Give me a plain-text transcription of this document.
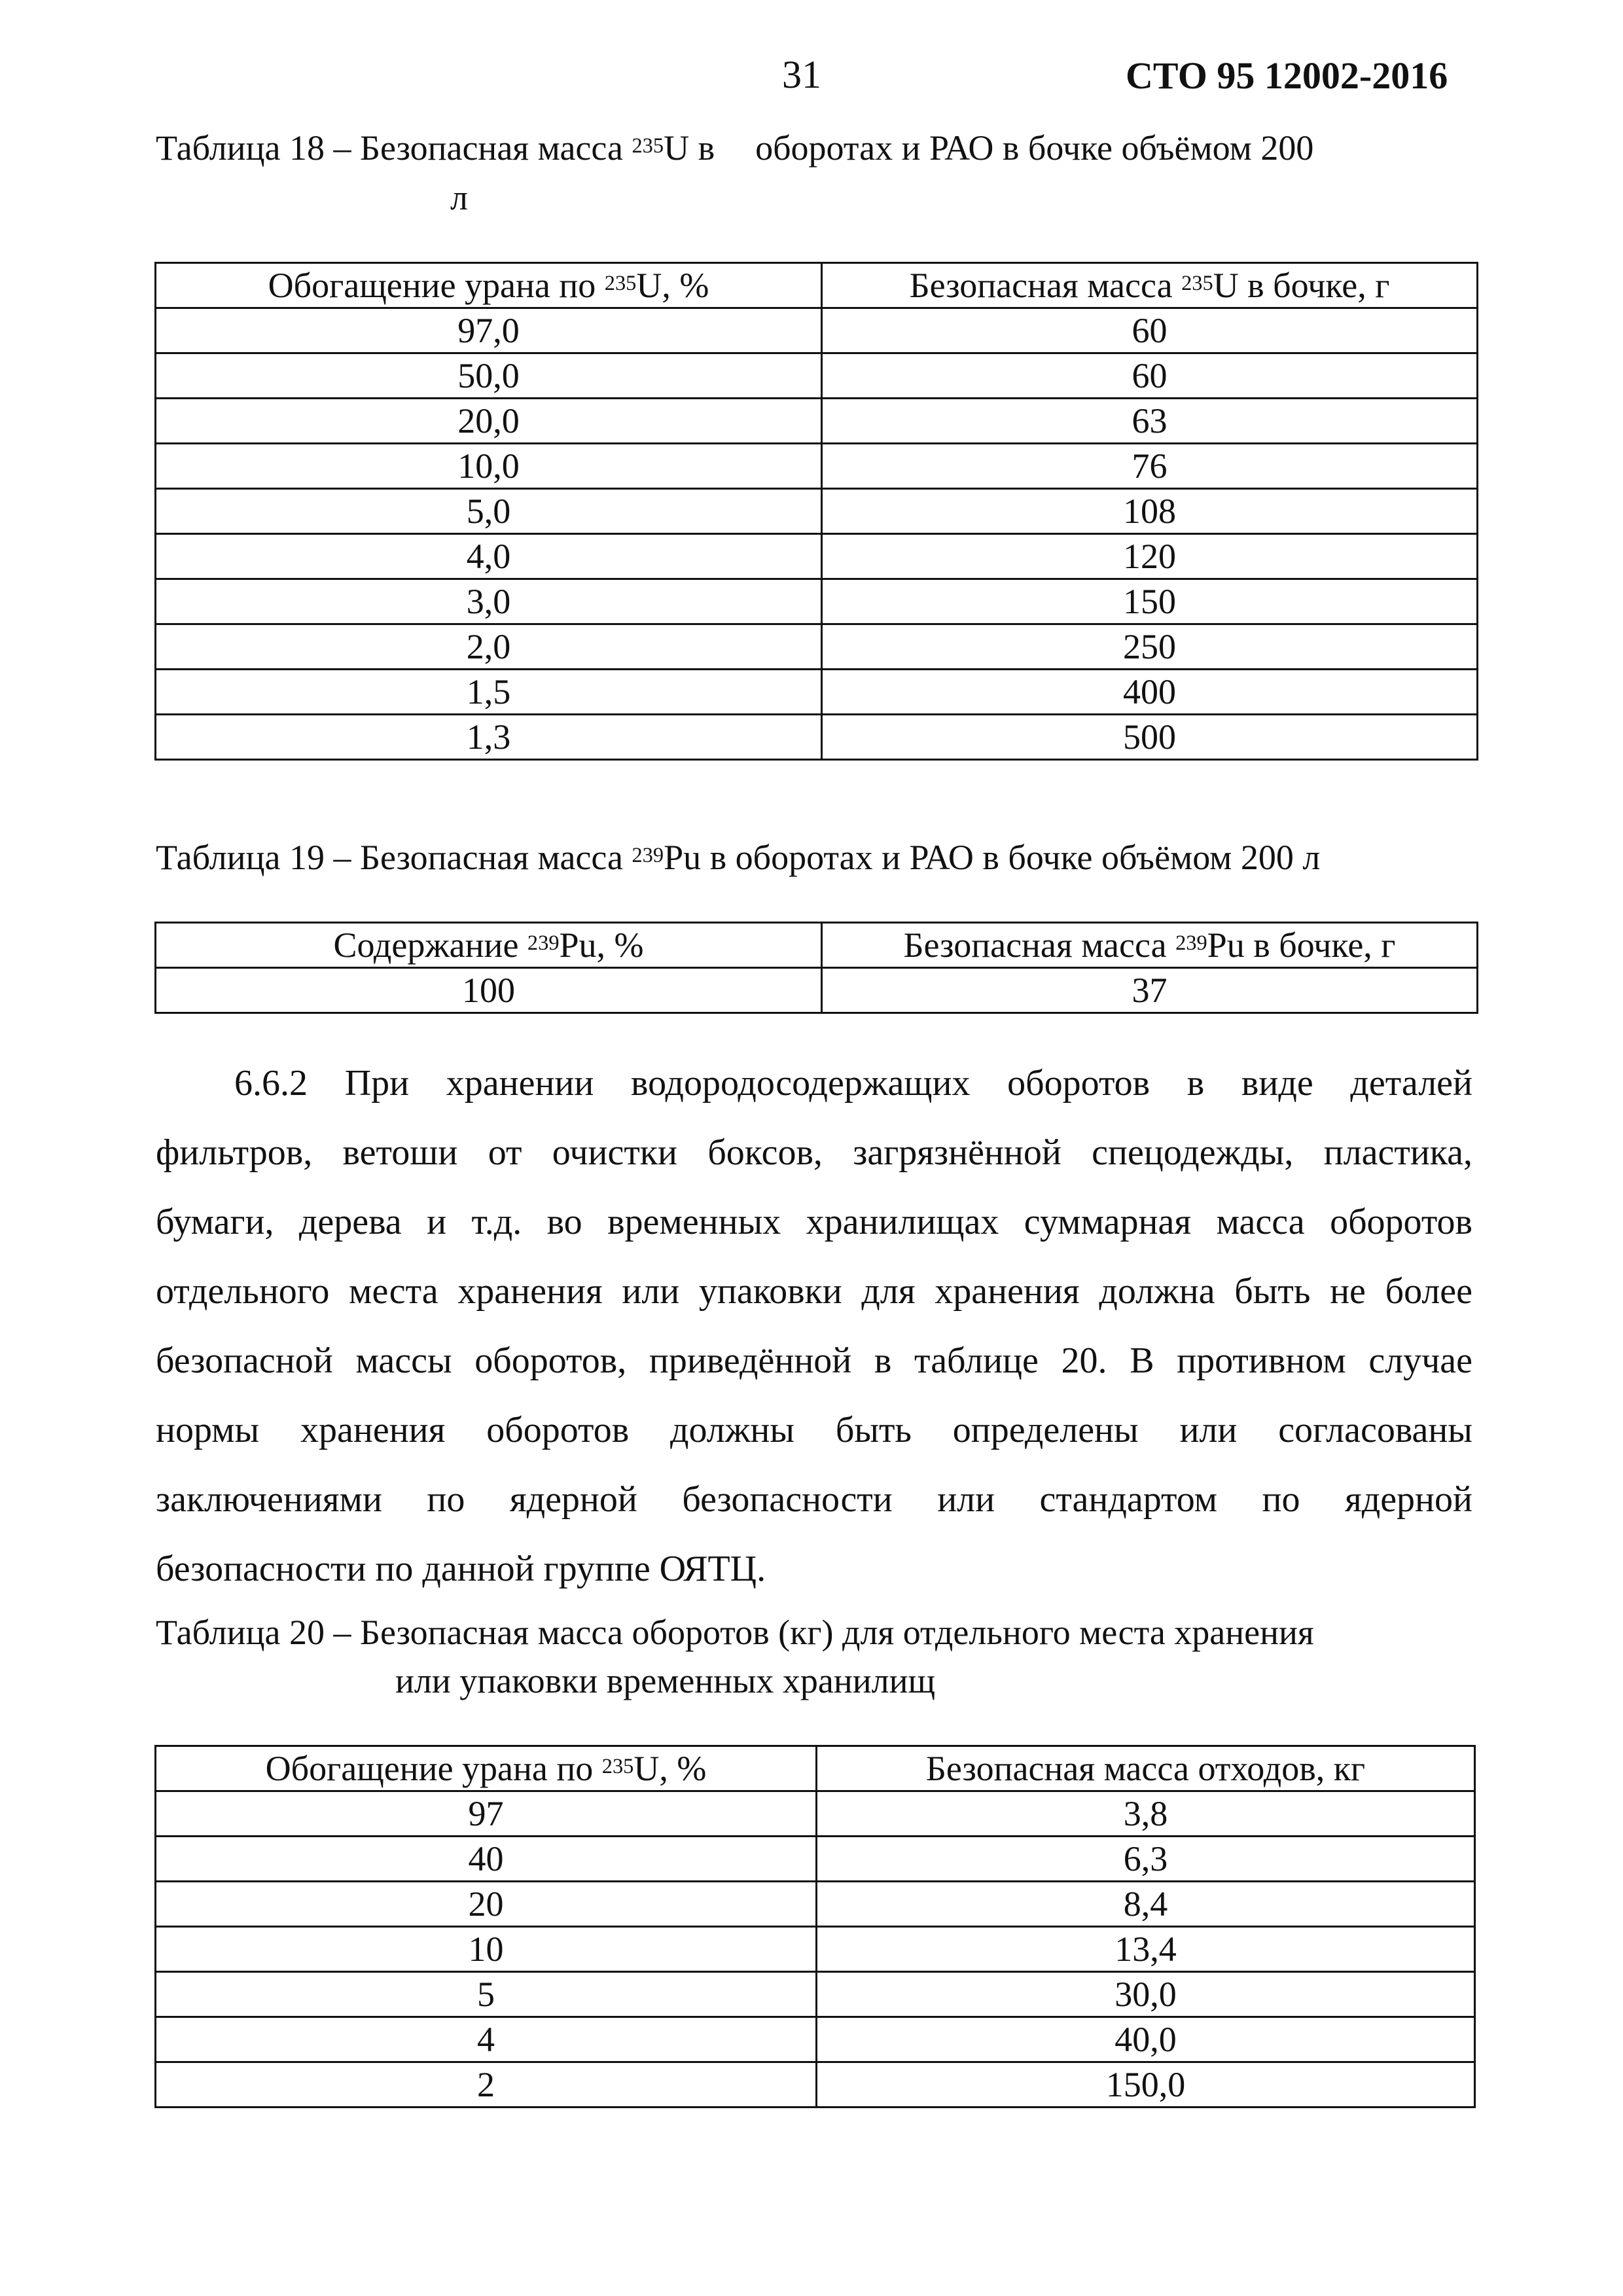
31	СТО 95 12002-2016
Таблица 18 – Безопасная масса $^{235}$U в оборотах и РАО в бочке объёмом 200
л
Обогащение урана по $^{235}$U, %	Безопасная масса $^{235}$U в бочке, г
97,0	60
50,0	60
20,0	63
10,0	76
5,0	108
4,0	120
3,0	150
2,0	250
1,5	400
1,3	500
Таблица 19 – Безопасная масса $^{239}$Pu в оборотах и РАО в бочке объёмом 200 л
Содержание $^{239}$Pu, %	Безопасная масса $^{239}$Pu в бочке, г
100	37
6.6.2 При хранении водородосодержащих оборотов в виде деталей
фильтров, ветоши от очистки боксов, загрязнённой спецодежды, пластика,
бумаги, дерева и т.д. во временных хранилищах суммарная масса оборотов
отдельного места хранения или упаковки для хранения должна быть не более
безопасной массы оборотов, приведённой в таблице 20. В противном случае
нормы хранения оборотов должны быть определены или согласованы
заключениями по ядерной безопасности или стандартом по ядерной
безопасности по данной группе ОЯТЦ.
Таблица 20 – Безопасная масса оборотов (кг) для отдельного места хранения
или упаковки временных хранилищ
Обогащение урана по $^{235}$U, %	Безопасная масса отходов, кг
97	3,8
40	6,3
20	8,4
10	13,4
5	30,0
4	40,0
2	150,0
